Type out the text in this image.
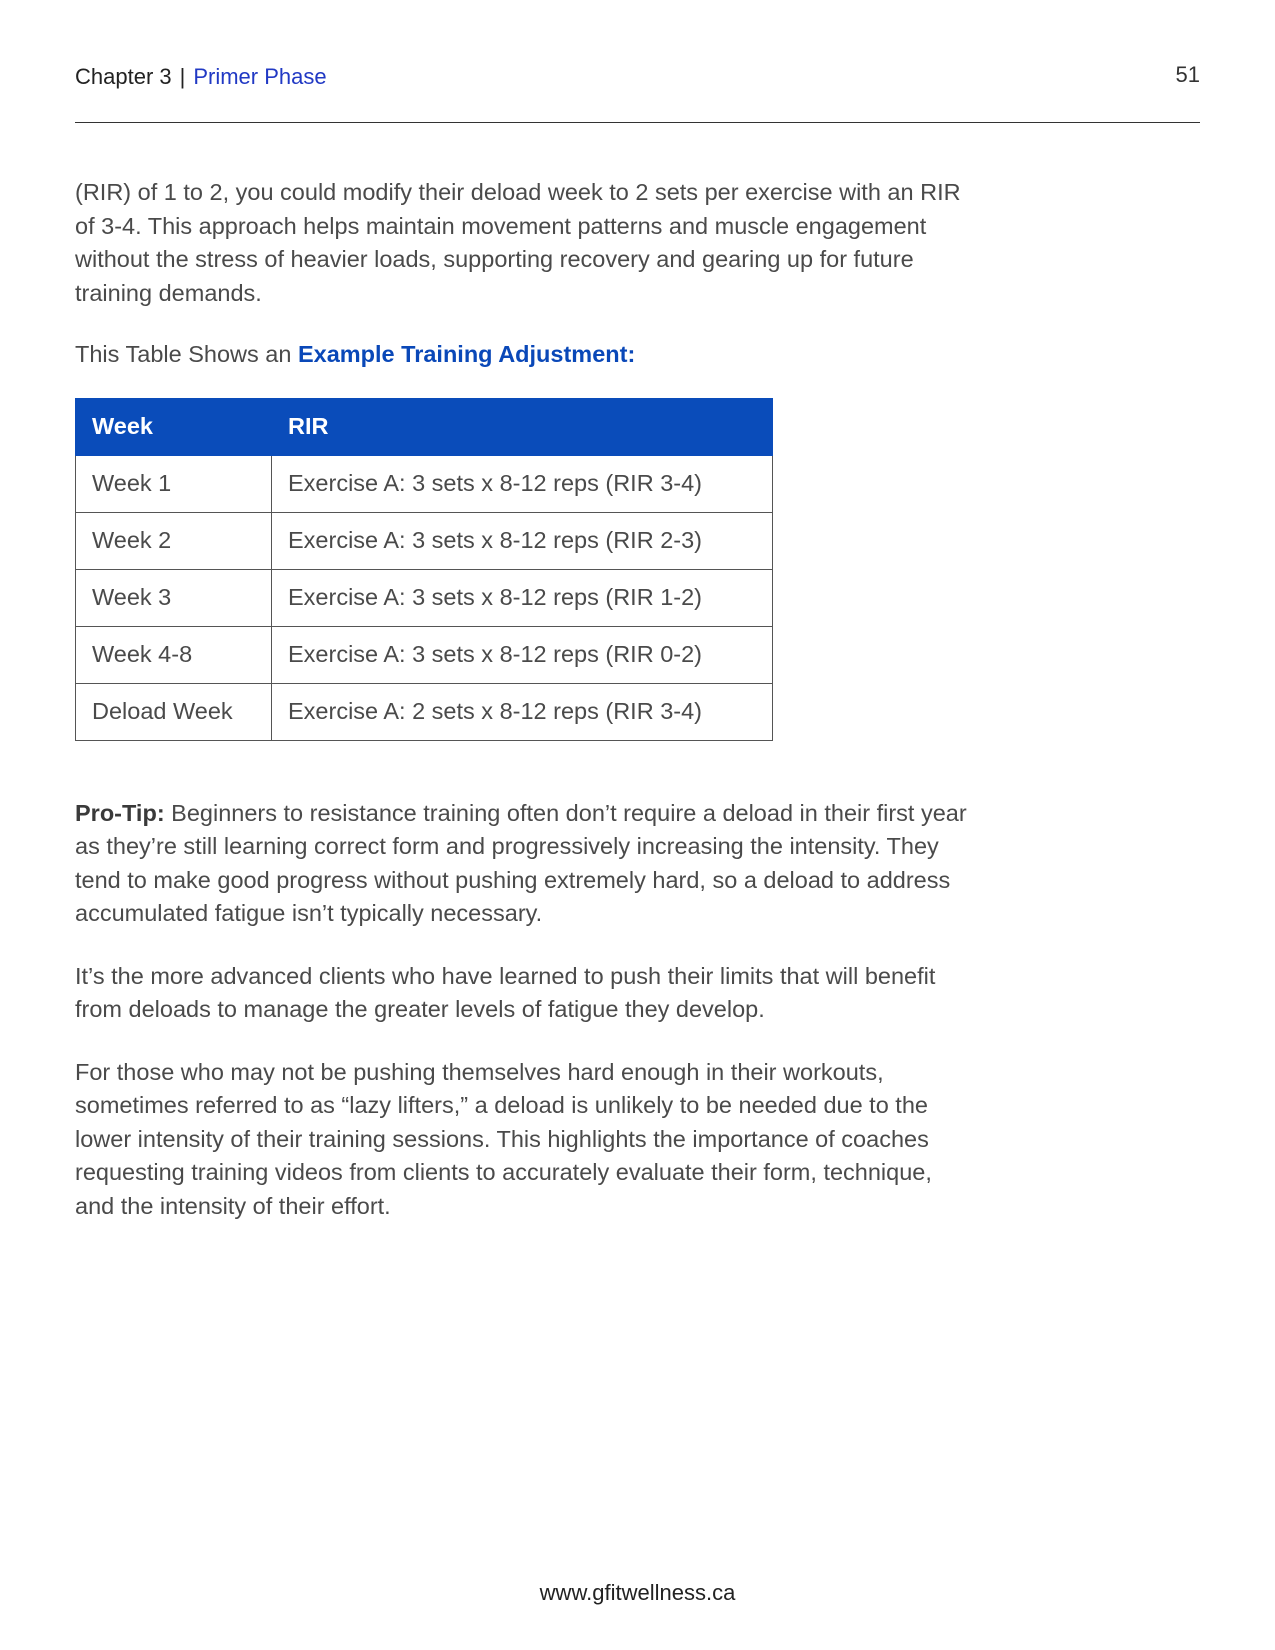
Chapter 3 | Primer Phase	51

(RIR) of 1 to 2, you could modify their deload week to 2 sets per exercise with an RIR of 3-4. This approach helps maintain movement patterns and muscle engagement without the stress of heavier loads, supporting recovery and gearing up for future training demands.

This Table Shows an Example Training Adjustment:

Week	RIR
Week 1	Exercise A: 3 sets x 8-12 reps (RIR 3-4)
Week 2	Exercise A: 3 sets x 8-12 reps (RIR 2-3)
Week 3	Exercise A: 3 sets x 8-12 reps (RIR 1-2)
Week 4-8	Exercise A: 3 sets x 8-12 reps (RIR 0-2)
Deload Week	Exercise A: 2 sets x 8-12 reps (RIR 3-4)

Pro-Tip: Beginners to resistance training often don’t require a deload in their first year as they’re still learning correct form and progressively increasing the intensity. They tend to make good progress without pushing extremely hard, so a deload to address accumulated fatigue isn’t typically necessary.

It’s the more advanced clients who have learned to push their limits that will benefit from deloads to manage the greater levels of fatigue they develop.

For those who may not be pushing themselves hard enough in their workouts, sometimes referred to as “lazy lifters,” a deload is unlikely to be needed due to the lower intensity of their training sessions. This highlights the importance of coaches requesting training videos from clients to accurately evaluate their form, technique, and the intensity of their effort.

www.gfitwellness.ca
